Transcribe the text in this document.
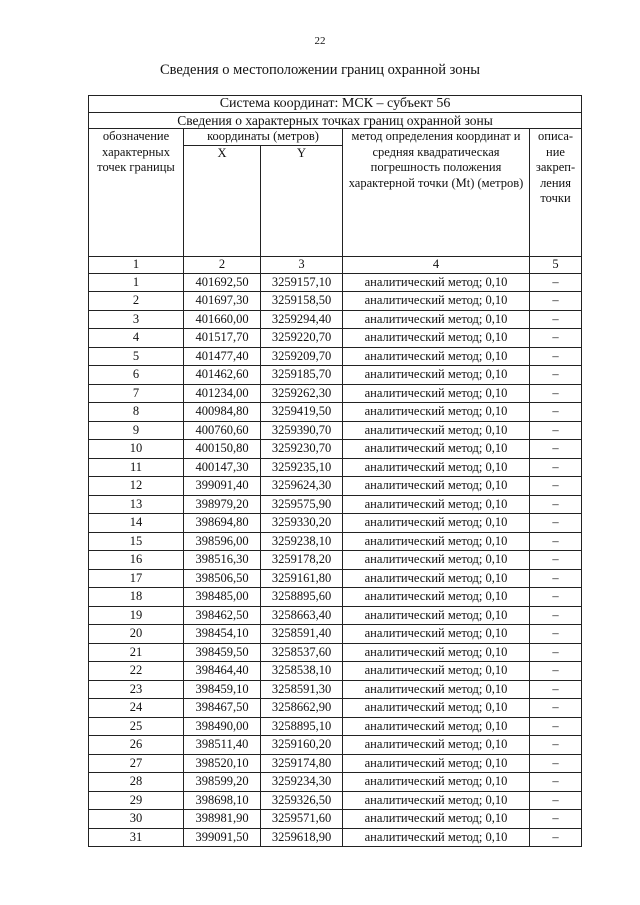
22
Сведения о местоположении границ охранной зоны
Система координат: МСК – субъект 56				
Сведения о характерных точках границ охранной зоны				
обозначение характерных точек границы	координаты (метров)		метод определения координат и средняя квадратическая погрешность положения характерной точки (Mt) (метров)	описа-ние закреп-ления точки
	X	Y		
1	2	3	4	5
1	401692,50	3259157,10	аналитический метод; 0,10	–
2	401697,30	3259158,50	аналитический метод; 0,10	–
3	401660,00	3259294,40	аналитический метод; 0,10	–
4	401517,70	3259220,70	аналитический метод; 0,10	–
5	401477,40	3259209,70	аналитический метод; 0,10	–
6	401462,60	3259185,70	аналитический метод; 0,10	–
7	401234,00	3259262,30	аналитический метод; 0,10	–
8	400984,80	3259419,50	аналитический метод; 0,10	–
9	400760,60	3259390,70	аналитический метод; 0,10	–
10	400150,80	3259230,70	аналитический метод; 0,10	–
11	400147,30	3259235,10	аналитический метод; 0,10	–
12	399091,40	3259624,30	аналитический метод; 0,10	–
13	398979,20	3259575,90	аналитический метод; 0,10	–
14	398694,80	3259330,20	аналитический метод; 0,10	–
15	398596,00	3259238,10	аналитический метод; 0,10	–
16	398516,30	3259178,20	аналитический метод; 0,10	–
17	398506,50	3259161,80	аналитический метод; 0,10	–
18	398485,00	3258895,60	аналитический метод; 0,10	–
19	398462,50	3258663,40	аналитический метод; 0,10	–
20	398454,10	3258591,40	аналитический метод; 0,10	–
21	398459,50	3258537,60	аналитический метод; 0,10	–
22	398464,40	3258538,10	аналитический метод; 0,10	–
23	398459,10	3258591,30	аналитический метод; 0,10	–
24	398467,50	3258662,90	аналитический метод; 0,10	–
25	398490,00	3258895,10	аналитический метод; 0,10	–
26	398511,40	3259160,20	аналитический метод; 0,10	–
27	398520,10	3259174,80	аналитический метод; 0,10	–
28	398599,20	3259234,30	аналитический метод; 0,10	–
29	398698,10	3259326,50	аналитический метод; 0,10	–
30	398981,90	3259571,60	аналитический метод; 0,10	–
31	399091,50	3259618,90	аналитический метод; 0,10	–
